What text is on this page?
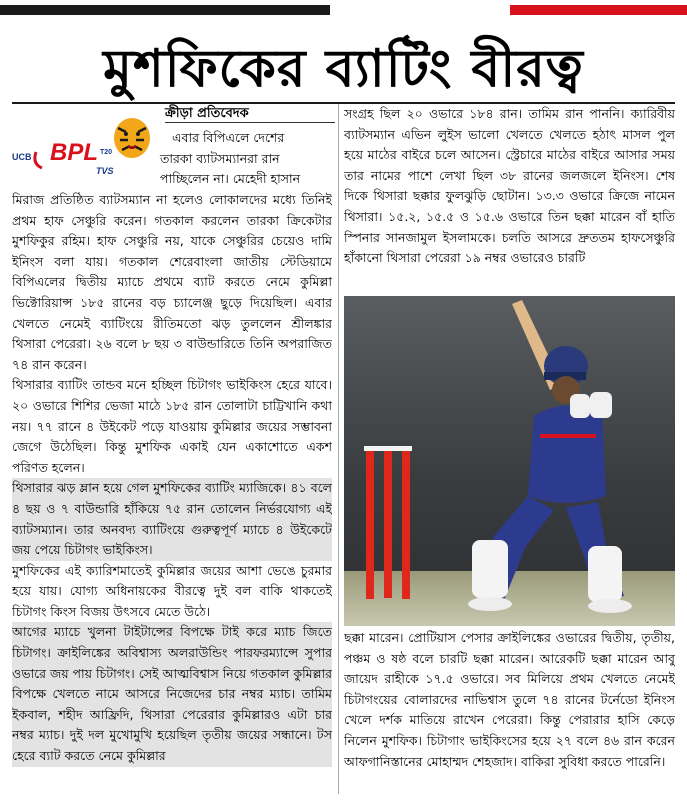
মুশফিকের ব্যাটিং বীরত্ব
UCB BPL T20
TVS
ক্রীড়া প্রতিবেদক
এবার বিপিএলে দেশের
তারকা ব্যাটসম্যানরা রান
পাচ্ছিলেন না। মেহেদী হাসান

মিরাজ প্রতিষ্ঠিত ব্যাটসম্যান না হলেও লোকালদের মধ্যে তিনিই প্রথম হাফ সেঞ্চুরি করেন। গতকাল করলেন তারকা ক্রিকেটার মুশফিকুর রহিম। হাফ সেঞ্চুরি নয়, যাকে সেঞ্চুরির চেয়েও দামি ইনিংস বলা যায়। গতকাল শেরেবাংলা জাতীয় স্টেডিয়ামে বিপিএলের দ্বিতীয় ম্যাচে প্রথমে ব্যাট করতে নেমে কুমিল্লা ভিক্টোরিয়ান্স ১৮৫ রানের বড় চ্যালেঞ্জ ছুড়ে দিয়েছিল। এবার খেলতে নেমেই ব্যাটিংয়ে রীতিমতো ঝড় তুললেন শ্রীলঙ্কার থিসারা পেরেরা। ২৬ বলে ৮ ছয় ৩ বাউন্ডারিতে তিনি অপরাজিত ৭৪ রান করেন।

থিসারার ব্যাটিং তান্ডব মনে হচ্ছিল চিটাগং ভাইকিংস হেরে যাবে। ২০ ওভারে শিশির ভেজা মাঠে ১৮৫ রান তোলাটা চাট্টিখানি কথা নয়। ৭৭ রানে ৪ উইকেট পড়ে যাওয়ায় কুমিল্লার জয়ের সম্ভাবনা জেগে উঠেছিল। কিন্তু মুশফিক একাই যেন একাশোতে একশ পরিণত হলেন।

থিসারার ঝড় ম্লান হয়ে গেল মুশফিকের ব্যাটিং ম্যাজিকে। ৪১ বলে ৪ ছয় ও ৭ বাউন্ডারি হাঁকিয়ে ৭৫ রান তোলেন নির্ভরযোগ্য এই ব্যাটসম্যান। তার অনবদ্য ব্যাটিংয়ে গুরুত্বপূর্ণ ম্যাচে ৪ উইকেটে জয় পেয়ে চিটাগং ভাইকিংস।

মুশফিকের এই ক্যারিশমাতেই কুমিল্লার জয়ের আশা ভেঙে চুরমার হয়ে যায়। যোগ্য অধিনায়কের বীরত্বে দুই বল বাকি থাকতেই চিটাগং কিংস বিজয় উৎসবে মেতে উঠে।

আগের ম্যাচে খুলনা টাইটান্সের বিপক্ষে টাই করে ম্যাচ জিতে চিটাগং। ক্রাইলিঙ্কের অবিশ্বাস্য অলরাউন্ডিং পারফরম্যান্সে সুপার ওভারে জয় পায় চিটাগং। সেই আত্মবিশ্বাস নিয়ে গতকাল কুমিল্লার বিপক্ষে খেলতে নামে আসরে নিজেদের চার নম্বর ম্যাচ। তামিম ইকবাল, শহীদ আফ্রিদি, থিসারা পেরেরার কুমিল্লারও এটা চার নম্বর ম্যাচ। দুই দল মুখোমুখি হয়েছিল তৃতীয় জয়ের সন্ধানে। টস হেরে ব্যাট করতে নেমে কুমিল্লার

সংগ্রহ ছিল ২০ ওভারে ১৮৪ রান। তামিম রান পাননি। ক্যারিবীয় ব্যাটসম্যান এভিন লুইস ভালো খেলতে খেলতে হঠাৎ মাসল পুল হয়ে মাঠের বাইরে চলে আসেন। স্ট্রেচারে মাঠের বাইরে আসার সময় তার নামের পাশে লেখা ছিল ৩৮ রানের জলজলে ইনিংস। শেষ দিকে থিসারা ছক্কার ফুলঝুড়ি ছোটান। ১৩.৩ ওভারে ক্রিজে নামেন থিসারা। ১৫.২, ১৫.৫ ও ১৫.৬ ওভারে তিন ছক্কা মারেন বাঁ হাতি স্পিনার সানজামুল ইসলামকে। চলতি আসরে দ্রুততম হাফসেঞ্চুরি হাঁকানো থিসারা পেরেরা ১৯ নম্বর ওভারেও চারটি

ছক্কা মারেন। প্রোটিয়াস পেসার ক্রাইলিঙ্কের ওভারের দ্বিতীয়, তৃতীয়, পঞ্চম ও ষষ্ঠ বলে চারটি ছক্কা মারেন। আরেকটি ছক্কা মারেন আবু জায়েদ রাহীকে ১৭.৫ ওভারে। সব মিলিয়ে প্রথম খেলতে নেমেই চিটাগংয়ের বোলারদের নাভিশ্বাস তুলে ৭৪ রানের টর্নেডো ইনিংস খেলে দর্শক মাতিয়ে রাখেন পেরেরা। কিন্তু পেরারার হাসি কেড়ে নিলেন মুশফিক। চিটাগাং ভাইকিংসের হয়ে ২৭ বলে ৪৬ রান করেন আফগানিস্তানের মোহাম্মদ শেহজাদ। বাকিরা সুবিধা করতে পারেনি।
